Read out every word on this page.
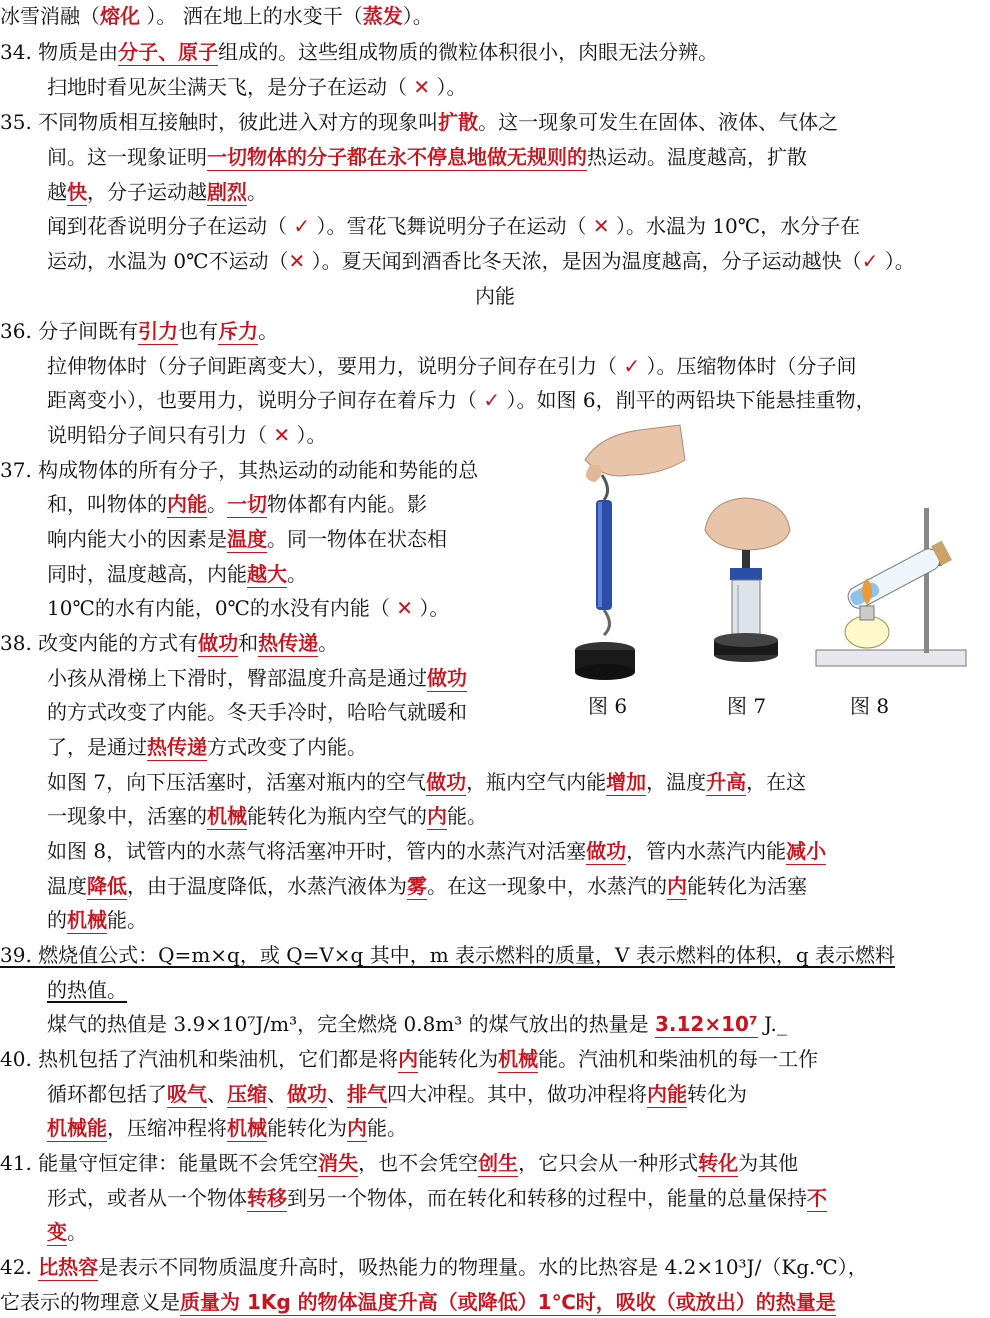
冰雪消融（熔化 ）。 洒在地上的水变干（蒸发）。
34. 物质是由分子、原子组成的。这些组成物质的微粒体积很小，肉眼无法分辨。
扫地时看见灰尘满天飞，是分子在运动（ ✕ ）。
35. 不同物质相互接触时，彼此进入对方的现象叫扩散。这一现象可发生在固体、液体、气体之
间。这一现象证明一切物体的分子都在永不停息地做无规则的热运动。温度越高，扩散
越快，分子运动越剧烈。
闻到花香说明分子在运动（ ✓ ）。雪花飞舞说明分子在运动（ ✕ ）。水温为 10℃，水分子在
运动，水温为 0℃不运动（✕ ）。夏天闻到酒香比冬天浓，是因为温度越高，分子运动越快（✓ ）。
内能
36. 分子间既有引力也有斥力。
拉伸物体时（分子间距离变大），要用力，说明分子间存在引力（ ✓ ）。压缩物体时（分子间
距离变小），也要用力，说明分子间存在着斥力（ ✓ ）。如图 6，削平的两铅块下能悬挂重物，
说明铅分子间只有引力（ ✕ ）。
37. 构成物体的所有分子，其热运动的动能和势能的总
和，叫物体的内能。一切物体都有内能。影
响内能大小的因素是温度。同一物体在状态相
同时，温度越高，内能越大。
10℃的水有内能，0℃的水没有内能（ ✕ ）。
38. 改变内能的方式有做功和热传递。
小孩从滑梯上下滑时，臀部温度升高是通过做功
的方式改变了内能。冬天手冷时，哈哈气就暖和
了，是通过热传递方式改变了内能。
如图 7，向下压活塞时，活塞对瓶内的空气做功，瓶内空气内能增加，温度升高，在这
一现象中，活塞的机械能转化为瓶内空气的内能。
如图 8，试管内的水蒸气将活塞冲开时，管内的水蒸汽对活塞做功，管内水蒸汽内能减小
温度降低，由于温度降低，水蒸汽液体为雾。在这一现象中，水蒸汽的内能转化为活塞
的机械能。
39. 燃烧值公式：Q=m×q，或 Q=V×q 其中，m 表示燃料的质量，V 表示燃料的体积，q 表示燃料
的热值。
煤气的热值是 3.9×10⁷J/m³，完全燃烧 0.8m³ 的煤气放出的热量是 3.12×10⁷ J._
40. 热机包括了汽油机和柴油机，它们都是将内能转化为机械能。汽油机和柴油机的每一工作
循环都包括了吸气、压缩、做功、排气四大冲程。其中，做功冲程将内能转化为
机械能，压缩冲程将机械能转化为内能。
41. 能量守恒定律：能量既不会凭空消失，也不会凭空创生，它只会从一种形式转化为其他
形式，或者从一个物体转移到另一个物体，而在转化和转移的过程中，能量的总量保持不
变。
42. 比热容是表示不同物质温度升高时，吸热能力的物理量。水的比热容是 4.2×10³J/（Kg.℃），
它表示的物理意义是质量为 1Kg 的物体温度升高（或降低）1℃时，吸收（或放出）的热量是
图 6	图 7	图 8
